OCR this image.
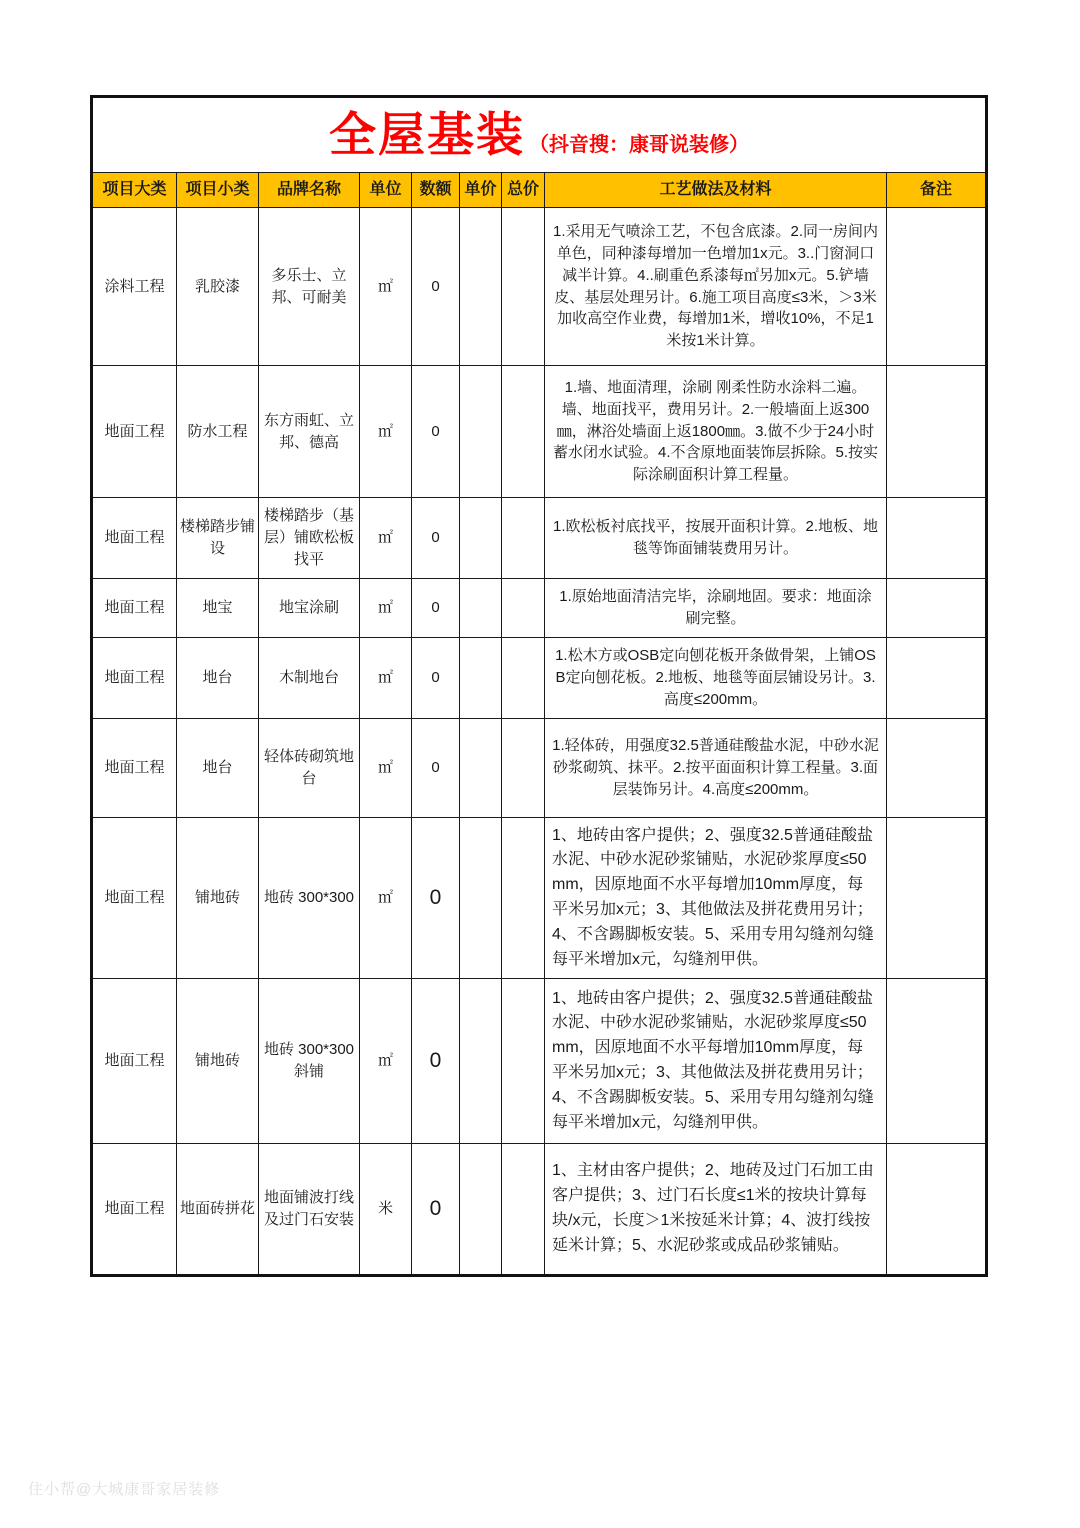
全屋基装 （抖音搜：康哥说装修）								

项目大类	项目小类	品牌名称	单位	数额	单价	总价	工艺做法及材料	备注
涂料工程	乳胶漆	多乐士、立邦、可耐美	㎡	0			1.采用无气喷涂工艺，不包含底漆。2.同一房间内单色，同种漆每增加一色增加1x元。3..门窗洞口减半计算。4..刷重色系漆每㎡另加x元。5.铲墙皮、基层处理另计。6.施工项目高度≤3米，＞3米加收高空作业费，每增加1米，增收10%，不足1米按1米计算。	
地面工程	防水工程	东方雨虹、立邦、德高	㎡	0			1.墙、地面清理，涂刷 刚柔性防水涂料二遍。墙、地面找平，费用另计。2.一般墙面上返300㎜，淋浴处墙面上返1800㎜。3.做不少于24小时蓄水闭水试验。4.不含原地面装饰层拆除。5.按实际涂刷面积计算工程量。	
地面工程	楼梯踏步铺设	楼梯踏步（基层）铺欧松板找平	㎡	0			1.欧松板衬底找平，按展开面积计算。2.地板、地毯等饰面铺装费用另计。	
地面工程	地宝	地宝涂刷	㎡	0			1.原始地面清洁完毕，涂刷地固。要求：地面涂刷完整。	
地面工程	地台	木制地台	㎡	0			1.松木方或OSB定向刨花板开条做骨架，上铺OSB定向刨花板。2.地板、地毯等面层铺设另计。3.高度≤200mm。	
地面工程	地台	轻体砖砌筑地台	㎡	0			1.轻体砖，用强度32.5普通硅酸盐水泥，中砂水泥砂浆砌筑、抹平。2.按平面面积计算工程量。3.面层装饰另计。4.高度≤200mm。	
地面工程	铺地砖	地砖 300*300	㎡	0			1、地砖由客户提供；2、强度32.5普通硅酸盐水泥、中砂水泥砂浆铺贴，水泥砂浆厚度≤50mm，因原地面不水平每增加10mm厚度，每平米另加x元；3、其他做法及拼花费用另计；4、不含踢脚板安装。5、采用专用勾缝剂勾缝每平米增加x元，勾缝剂甲供。	
地面工程	铺地砖	地砖 300*300斜铺	㎡	0			1、地砖由客户提供；2、强度32.5普通硅酸盐水泥、中砂水泥砂浆铺贴，水泥砂浆厚度≤50mm，因原地面不水平每增加10mm厚度，每平米另加x元；3、其他做法及拼花费用另计；4、不含踢脚板安装。5、采用专用勾缝剂勾缝每平米增加x元，勾缝剂甲供。	
地面工程	地面砖拼花	地面铺波打线及过门石安装	米	0			1、主材由客户提供；2、地砖及过门石加工由客户提供；3、过门石长度≤1米的按块计算每块/x元，长度＞1米按延米计算；4、波打线按延米计算；5、水泥砂浆或成品砂浆铺贴。	
住小帮@大城康哥家居装修
